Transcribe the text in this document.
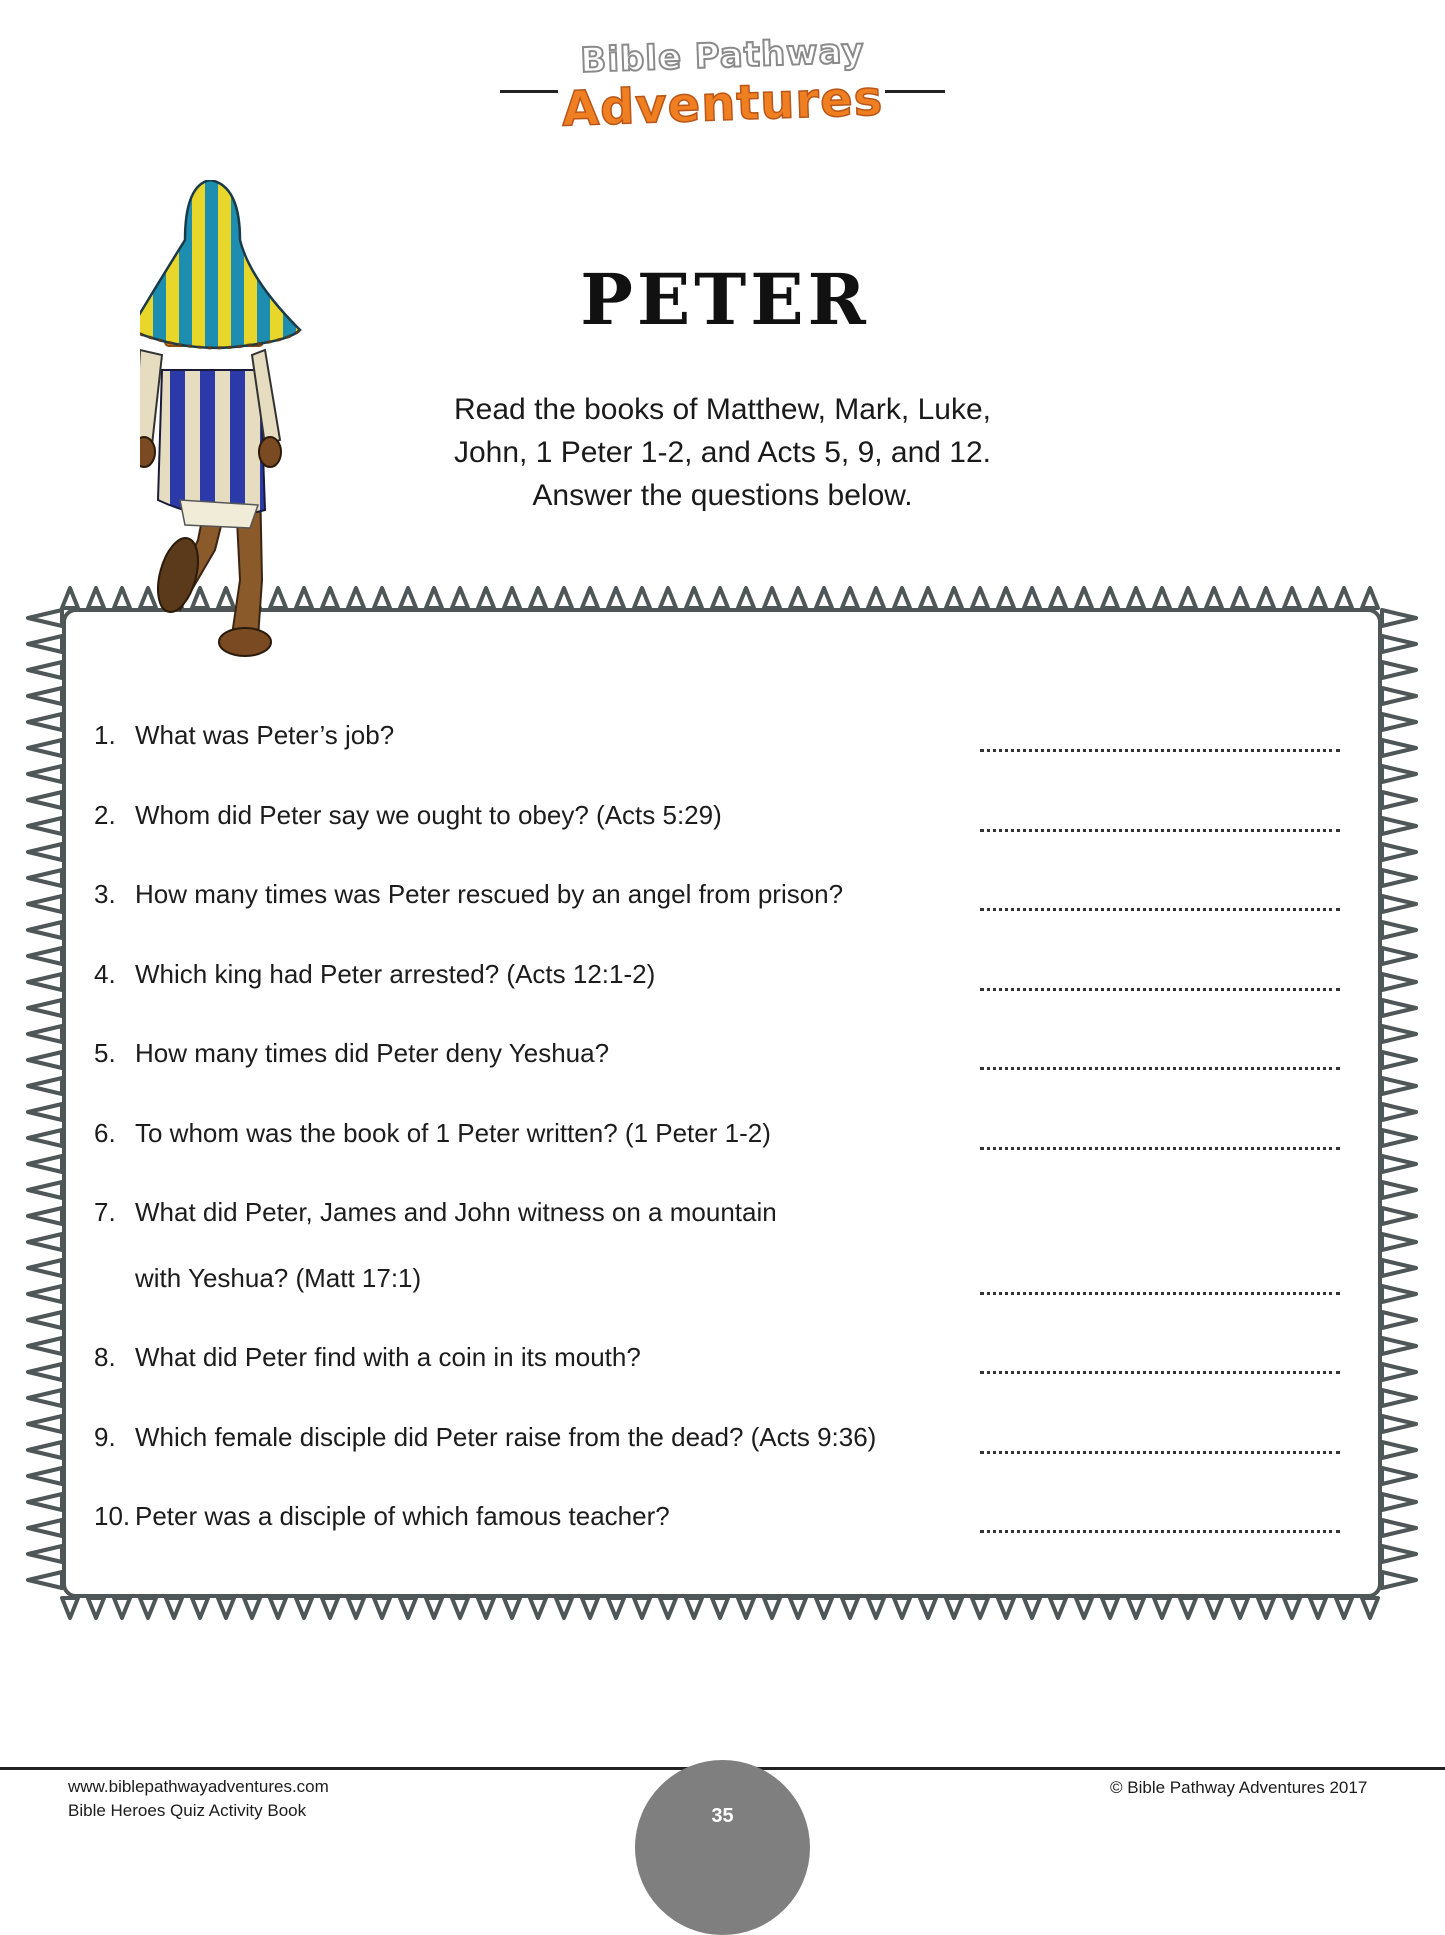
Bible Pathway
Adventures
PETER
Read the books of Matthew, Mark, Luke,
John, 1 Peter 1-2, and Acts 5, 9, and 12.
Answer the questions below.
1. What was Peter’s job?
2. Whom did Peter say we ought to obey? (Acts 5:29)
3. How many times was Peter rescued by an angel from prison?
4. Which king had Peter arrested? (Acts 12:1-2)
5. How many times did Peter deny Yeshua?
6. To whom was the book of 1 Peter written? (1 Peter 1-2)
7. What did Peter, James and John witness on a mountain
with Yeshua? (Matt 17:1)
8. What did Peter find with a coin in its mouth?
9. Which female disciple did Peter raise from the dead? (Acts 9:36)
10. Peter was a disciple of which famous teacher?
www.biblepathwayadventures.com
Bible Heroes Quiz Activity Book
© Bible Pathway Adventures 2017
35
